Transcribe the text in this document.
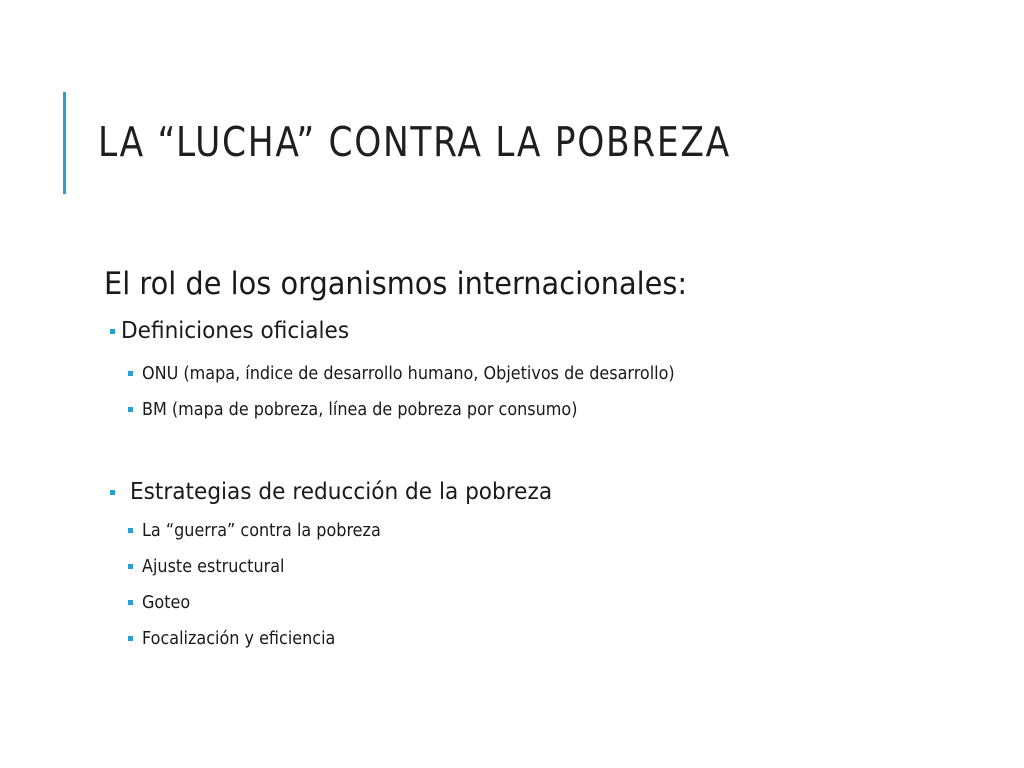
LA “LUCHA” CONTRA LA POBREZA
El rol de los organismos internacionales:
Definiciones oficiales
ONU (mapa, índice de desarrollo humano, Objetivos de desarrollo)
BM (mapa de pobreza, línea de pobreza por consumo)
Estrategias de reducción de la pobreza
La “guerra” contra la pobreza
Ajuste estructural
Goteo
Focalización y eficiencia
